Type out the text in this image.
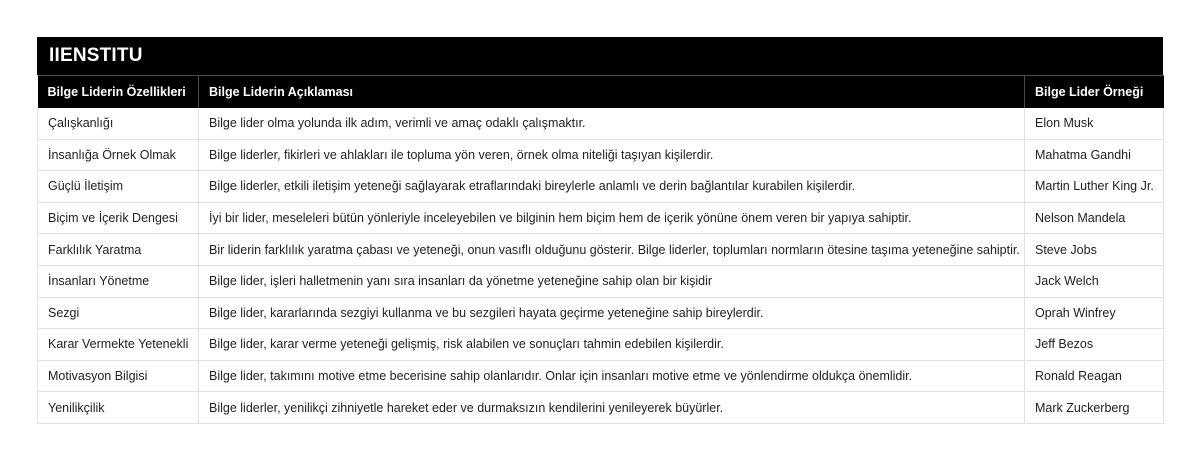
IIENSTITU
Bilge Liderin Özellikleri	Bilge Liderin Açıklaması	Bilge Lider Örneği
Çalışkanlığı	Bilge lider olma yolunda ilk adım, verimli ve amaç odaklı çalışmaktır.	Elon Musk
İnsanlığa Örnek Olmak	Bilge liderler, fikirleri ve ahlakları ile topluma yön veren, örnek olma niteliği taşıyan kişilerdir.	Mahatma Gandhi
Güçlü İletişim	Bilge liderler, etkili iletişim yeteneği sağlayarak etraflarındaki bireylerle anlamlı ve derin bağlantılar kurabilen kişilerdir.	Martin Luther King Jr.
Biçim ve İçerik Dengesi	İyi bir lider, meseleleri bütün yönleriyle inceleyebilen ve bilginin hem biçim hem de içerik yönüne önem veren bir yapıya sahiptir.	Nelson Mandela
Farklılık Yaratma	Bir liderin farklılık yaratma çabası ve yeteneği, onun vasıflı olduğunu gösterir. Bilge liderler, toplumları normların ötesine taşıma yeteneğine sahiptir.	Steve Jobs
İnsanları Yönetme	Bilge lider, işleri halletmenin yanı sıra insanları da yönetme yeteneğine sahip olan bir kişidir	Jack Welch
Sezgi	Bilge lider, kararlarında sezgiyi kullanma ve bu sezgileri hayata geçirme yeteneğine sahip bireylerdir.	Oprah Winfrey
Karar Vermekte Yetenekli	Bilge lider, karar verme yeteneği gelişmiş, risk alabilen ve sonuçları tahmin edebilen kişilerdir.	Jeff Bezos
Motivasyon Bilgisi	Bilge lider, takımını motive etme becerisine sahip olanlarıdır. Onlar için insanları motive etme ve yönlendirme oldukça önemlidir.	Ronald Reagan
Yenilikçilik	Bilge liderler, yenilikçi zihniyetle hareket eder ve durmaksızın kendilerini yenileyerek büyürler.	Mark Zuckerberg
